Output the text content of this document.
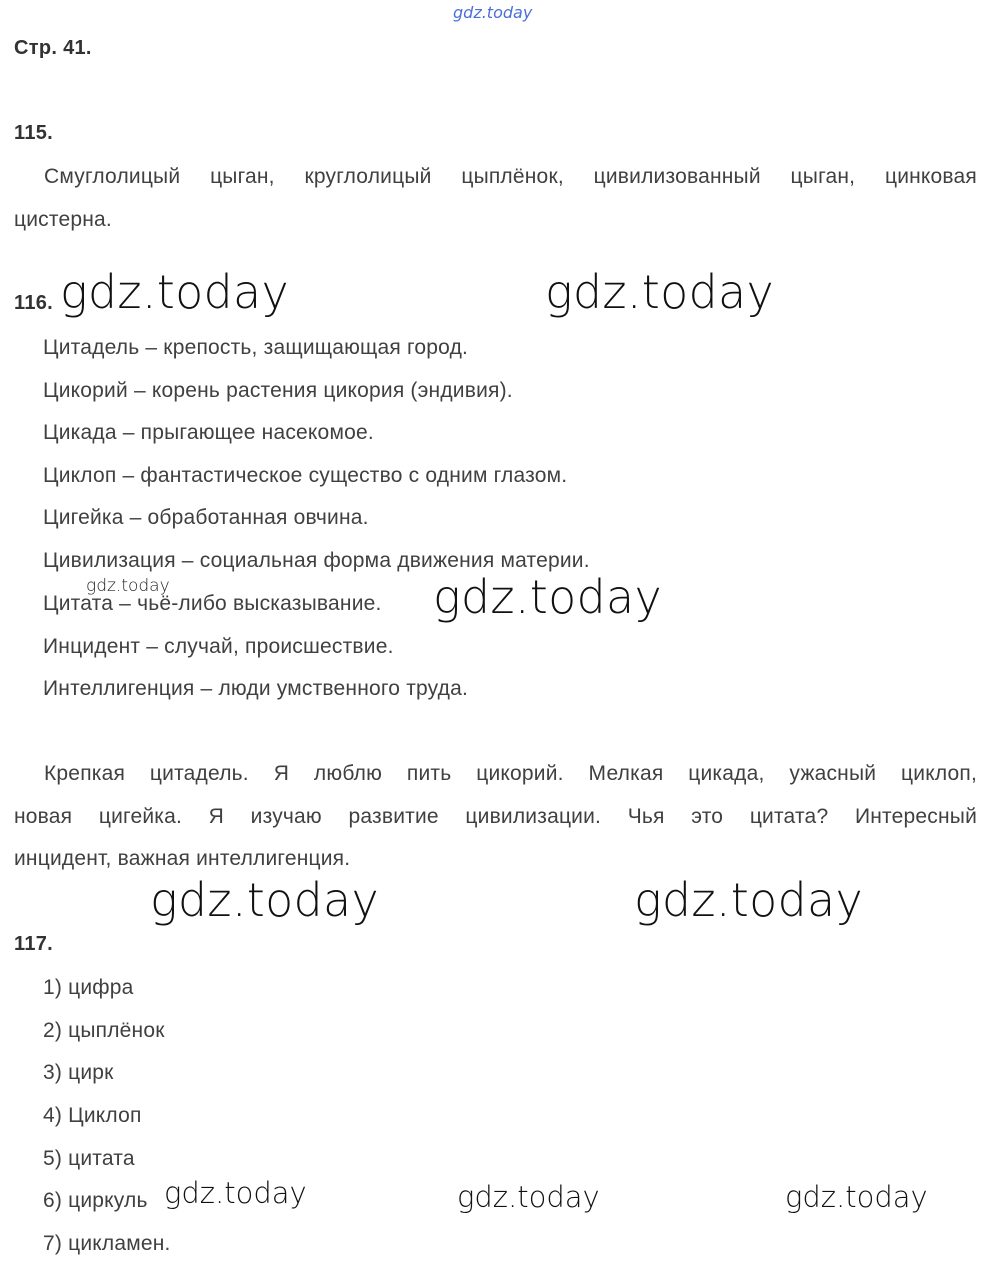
gdz.today
Стр. 41.
115.
Смуглолицый цыган, круглолицый цыплёнок, цивилизованный цыган, цинковая
цистерна.
116. gdz.today	gdz.today
Цитадель – крепость, защищающая город.
Цикорий – корень растения цикория (эндивия).
Цикада – прыгающее насекомое.
Циклоп – фантастическое существо с одним глазом.
Цигейка – обработанная овчина.
Цивилизация – социальная форма движения материи.
Цитата – чьё-либо высказывание.
gdz.today	gdz.today
Инцидент – случай, происшествие.
Интеллигенция – люди умственного труда.
Крепкая цитадель. Я люблю пить цикорий. Мелкая цикада, ужасный циклоп,
новая цигейка. Я изучаю развитие цивилизации. Чья это цитата? Интересный
инцидент, важная интеллигенция.
gdz.today	gdz.today
117.
1) цифра
2) цыплёнок
3) цирк
4) Циклоп
5) цитата
6) циркуль
7) цикламен.
gdz.today	gdz.today	gdz.today
